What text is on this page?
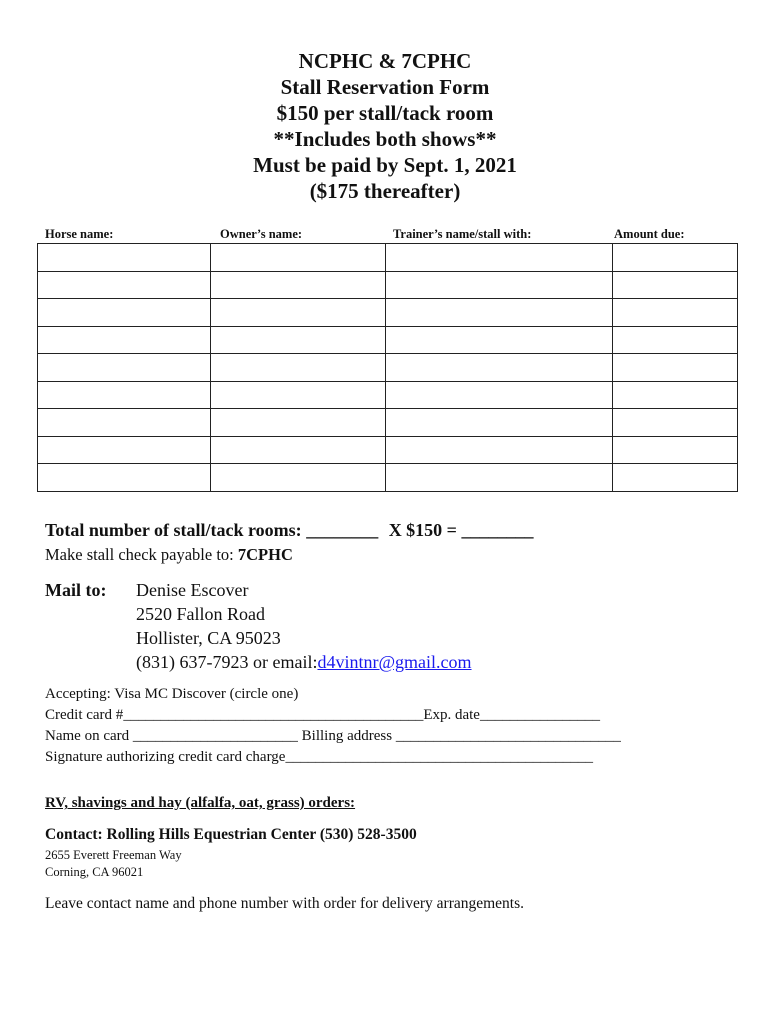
NCPHC & 7CPHC
Stall Reservation Form
$150 per stall/tack room
**Includes both shows**
Must be paid by Sept. 1, 2021
($175 thereafter)
Horse name:	Owner’s name:	Trainer’s name/stall with:	Amount due:

Total number of stall/tack rooms: ________ X $150 = ________
Make stall check payable to: 7CPHC
Mail to: Denise Escover
2520 Fallon Road
Hollister, CA 95023
(831) 637-7923 or email:d4vintnr@gmail.com
Accepting: Visa MC Discover (circle one)
Credit card #________________________________________Exp. date________________
Name on card ______________________ Billing address ______________________________
Signature authorizing credit card charge_________________________________________
RV, shavings and hay (alfalfa, oat, grass) orders:
Contact: Rolling Hills Equestrian Center (530) 528-3500
2655 Everett Freeman Way
Corning, CA 96021
Leave contact name and phone number with order for delivery arrangements.
